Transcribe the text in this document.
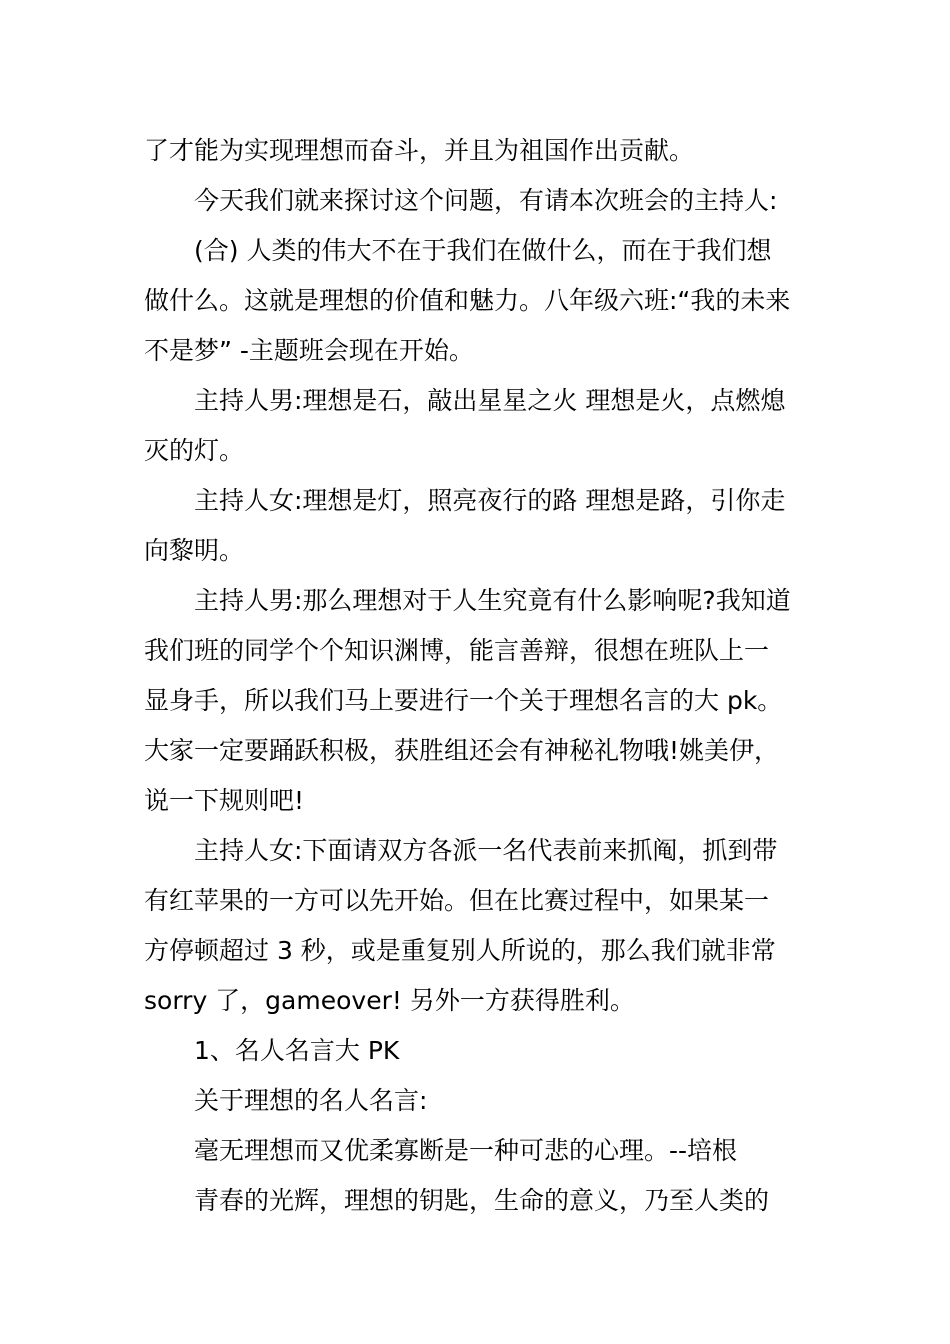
了才能为实现理想而奋斗，并且为祖国作出贡献。
今天我们就来探讨这个问题，有请本次班会的主持人:
(合) 人类的伟大不在于我们在做什么，而在于我们想
做什么。这就是理想的价值和魅力。八年级六班:“我的未来
不是梦” -主题班会现在开始。
主持人男:理想是石，敲出星星之火 理想是火，点燃熄
灭的灯。
主持人女:理想是灯，照亮夜行的路 理想是路，引你走
向黎明。
主持人男:那么理想对于人生究竟有什么影响呢?我知道
我们班的同学个个知识渊博，能言善辩，很想在班队上一
显身手，所以我们马上要进行一个关于理想名言的大 pk。
大家一定要踊跃积极，获胜组还会有神秘礼物哦!姚美伊，
说一下规则吧!
主持人女:下面请双方各派一名代表前来抓阄，抓到带
有红苹果的一方可以先开始。但在比赛过程中，如果某一
方停顿超过 3 秒，或是重复别人所说的，那么我们就非常
sorry 了，gameover! 另外一方获得胜利。
1、名人名言大 PK
关于理想的名人名言:
毫无理想而又优柔寡断是一种可悲的心理。--培根
青春的光辉，理想的钥匙，生命的意义，乃至人类的
